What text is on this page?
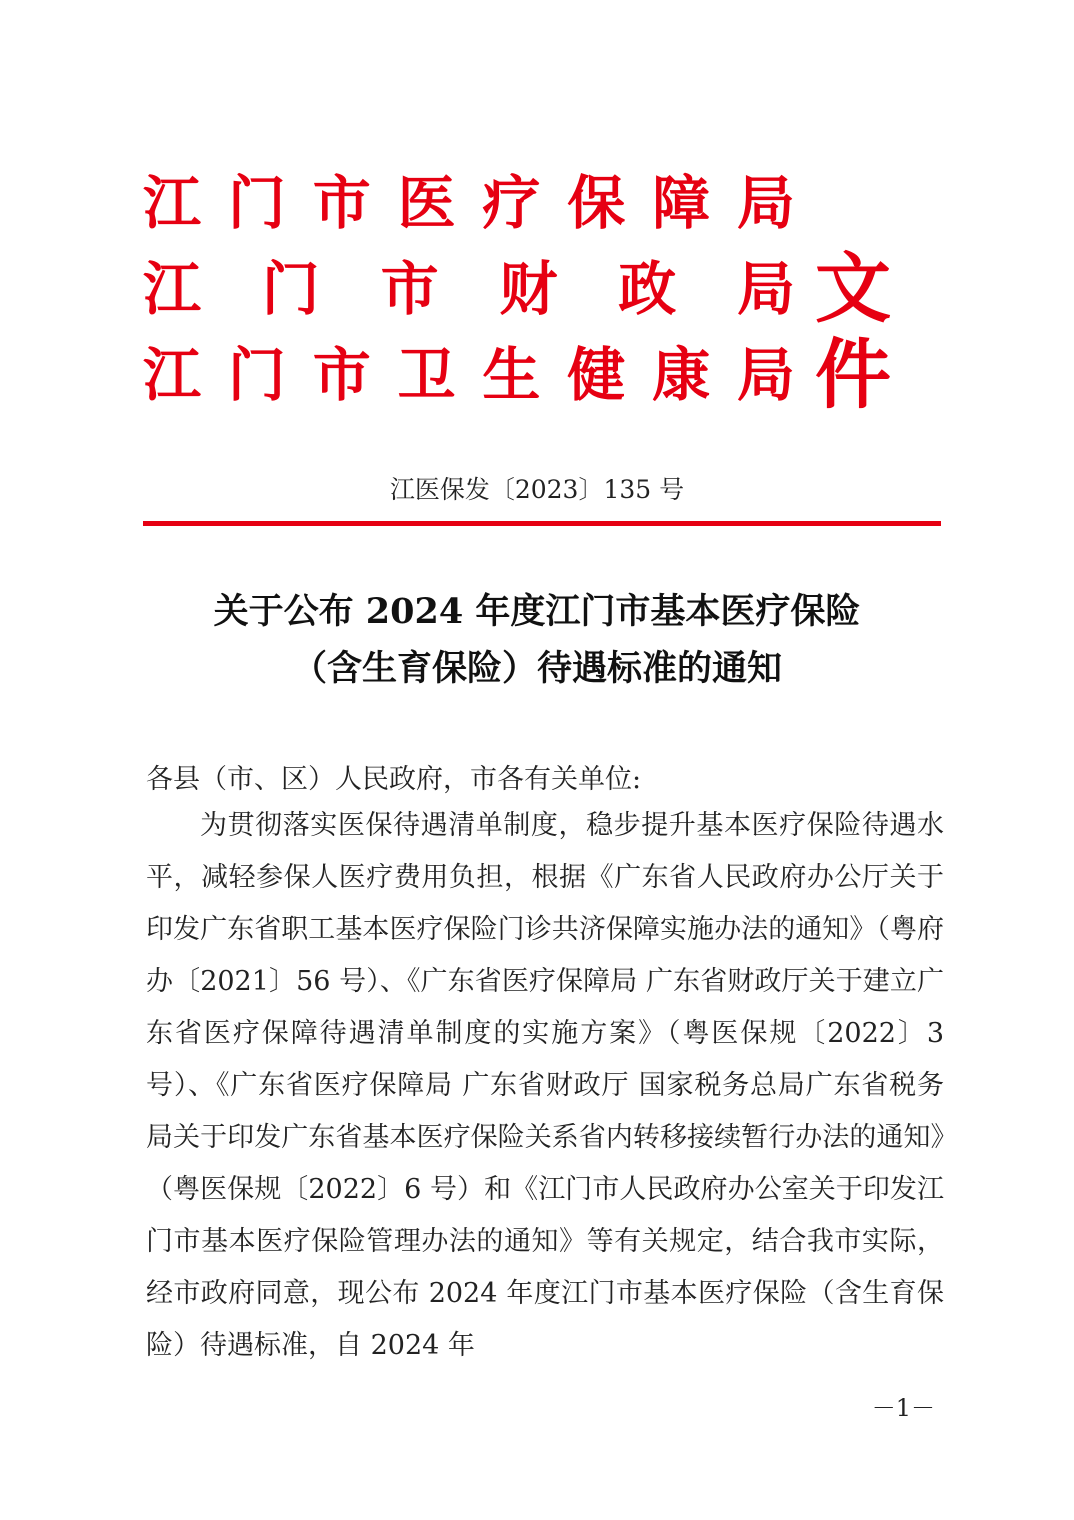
江 门 市 医 疗 保 障 局
江 门 市 财 政 局
江 门 市 卫 生 健 康 局
文件
江医保发〔2023〕135 号
关于公布 2024 年度江门市基本医疗保险
（含生育保险）待遇标准的通知
各县（市、区）人民政府，市各有关单位:

为贯彻落实医保待遇清单制度，稳步提升基本医疗保险待遇水平，减轻参保人医疗费用负担，根据《广东省人民政府办公厅关于印发广东省职工基本医疗保险门诊共济保障实施办法的通知》（粤府办〔2021〕56 号）、《广东省医疗保障局 广东省财政厅关于建立广东省医疗保障待遇清单制度的实施方案》（粤医保规〔2022〕3 号）、《广东省医疗保障局 广东省财政厅 国家税务总局广东省税务局关于印发广东省基本医疗保险关系省内转移接续暂行办法的通知》（粤医保规〔2022〕6 号）和《江门市人民政府办公室关于印发江门市基本医疗保险管理办法的通知》等有关规定，结合我市实际，经市政府同意，现公布 2024 年度江门市基本医疗保险（含生育保险）待遇标准，自 2024 年

－1－
